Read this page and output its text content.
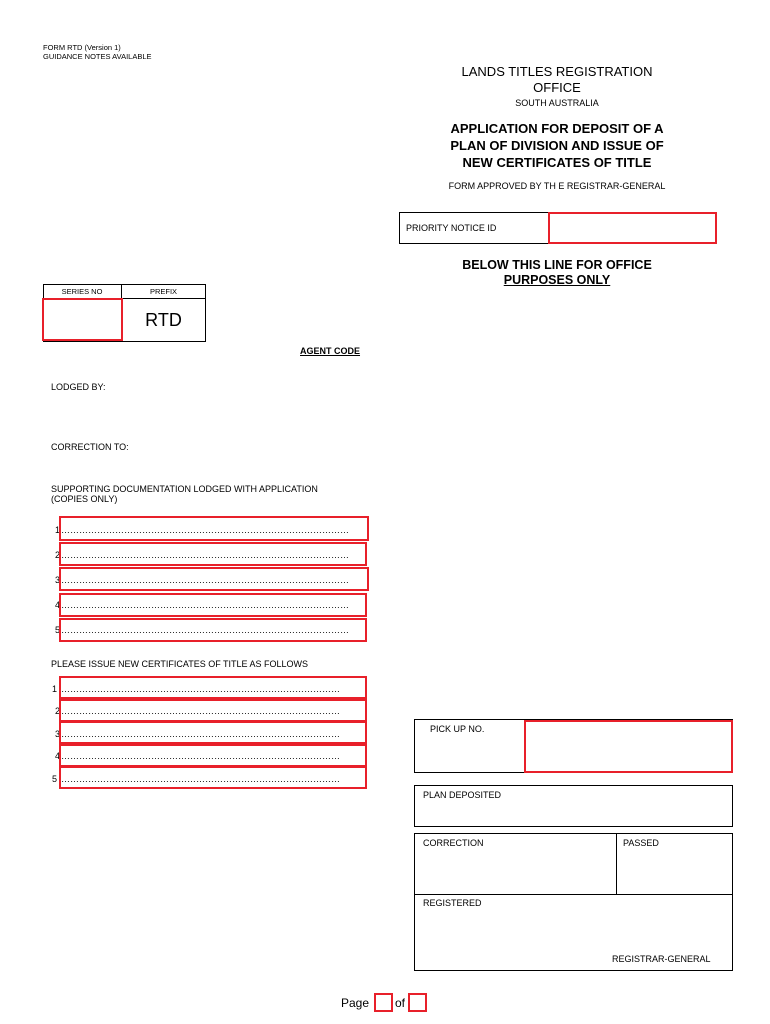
FORM RTD (Version 1)
GUIDANCE NOTES AVAILABLE
LANDS TITLES REGISTRATION
OFFICE
SOUTH AUSTRALIA
APPLICATION FOR DEPOSIT OF A
PLAN OF DIVISION AND ISSUE OF
NEW CERTIFICATES OF TITLE
FORM APPROVED BY TH E REGISTRAR-GENERAL
PRIORITY NOTICE ID
BELOW THIS LINE FOR OFFICE
PURPOSES ONLY
SERIES NO	PREFIX
RTD
AGENT CODE
LODGED BY:
CORRECTION TO:
SUPPORTING DOCUMENTATION LODGED WITH APPLICATION
(COPIES ONLY)
1 ……………………………………………………………………………………
2 ……………………………………………………………………………………
3 ……………………………………………………………………………………
4 ……………………………………………………………………………………
5 ……………………………………………………………………………………
PLEASE ISSUE NEW CERTIFICATES OF TITLE AS FOLLOWS
1 …………………………………………………………………………………
2 …………………………………………………………………………………
3 …………………………………………………………………………………
4 …………………………………………………………………………………
5 …………………………………………………………………………………
PICK UP NO.
PLAN DEPOSITED
CORRECTION	PASSED
REGISTERED
REGISTRAR-GENERAL
Page of
